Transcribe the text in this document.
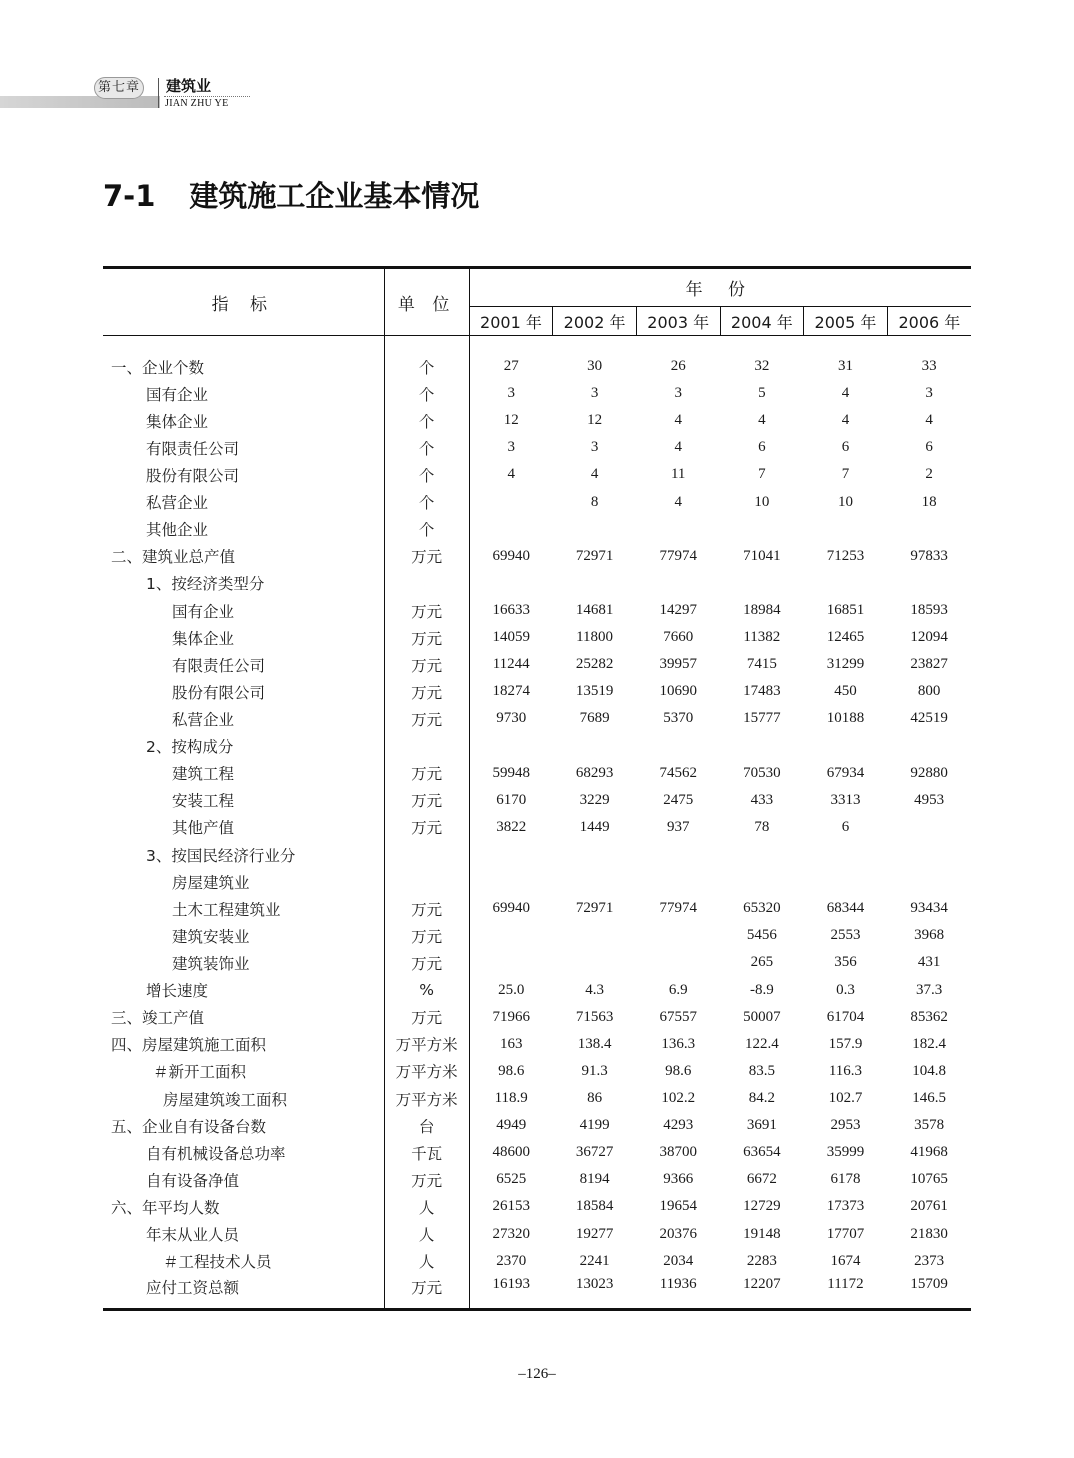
第七章 建筑业
JIAN ZHU YE
7-1 建筑施工企业基本情况
指 标	单 位	年 份					
		2001 年	2002 年	2003 年	2004 年	2005 年	2006 年

一、企业个数	个	27	30	26	32	31	33
国有企业	个	3	3	3	5	4	3
集体企业	个	12	12	4	4	4	4
有限责任公司	个	3	3	4	6	6	6
股份有限公司	个	4	4	11	7	7	2
私营企业	个		8	4	10	10	18
其他企业	个						
二、建筑业总产值	万元	69940	72971	77974	71041	71253	97833
1、按经济类型分							
国有企业	万元	16633	14681	14297	18984	16851	18593
集体企业	万元	14059	11800	7660	11382	12465	12094
有限责任公司	万元	11244	25282	39957	7415	31299	23827
股份有限公司	万元	18274	13519	10690	17483	450	800
私营企业	万元	9730	7689	5370	15777	10188	42519
2、按构成分							
建筑工程	万元	59948	68293	74562	70530	67934	92880
安装工程	万元	6170	3229	2475	433	3313	4953
其他产值	万元	3822	1449	937	78	6	
3、按国民经济行业分							
房屋建筑业							
土木工程建筑业	万元	69940	72971	77974	65320	68344	93434
建筑安装业	万元				5456	2553	3968
建筑装饰业	万元				265	356	431
增长速度	%	25.0	4.3	6.9	-8.9	0.3	37.3
三、竣工产值	万元	71966	71563	67557	50007	61704	85362
四、房屋建筑施工面积	万平方米	163	138.4	136.3	122.4	157.9	182.4
＃新开工面积	万平方米	98.6	91.3	98.6	83.5	116.3	104.8
房屋建筑竣工面积	万平方米	118.9	86	102.2	84.2	102.7	146.5
五、企业自有设备台数	台	4949	4199	4293	3691	2953	3578
自有机械设备总功率	千瓦	48600	36727	38700	63654	35999	41968
自有设备净值	万元	6525	8194	9366	6672	6178	10765
六、年平均人数	人	26153	18584	19654	12729	17373	20761
年末从业人员	人	27320	19277	20376	19148	17707	21830
＃工程技术人员	人	2370	2241	2034	2283	1674	2373
应付工资总额	万元	16193	13023	11936	12207	11172	15709
–126–
